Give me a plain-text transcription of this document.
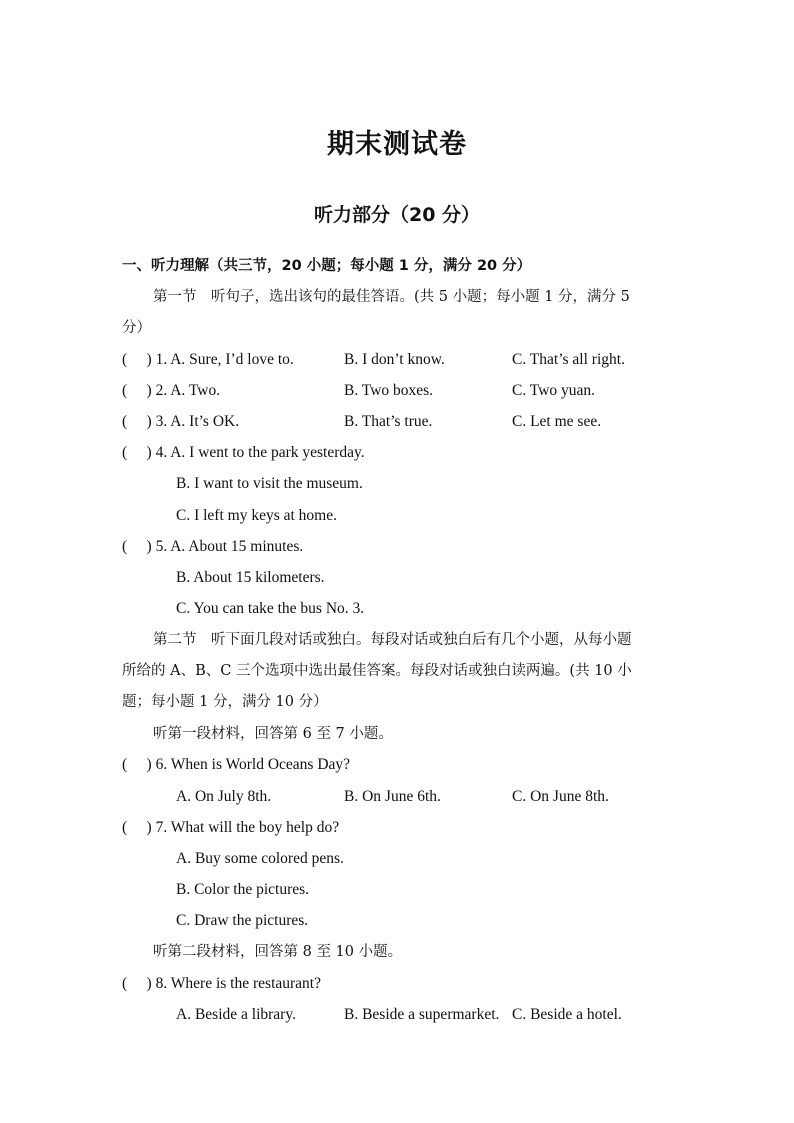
期末测试卷
听力部分（20 分）
一、听力理解（共三节，20 小题；每小题 1 分，满分 20 分）
第一节　听句子，选出该句的最佳答语。(共 5 小题；每小题 1 分，满分 5
分）
(　 ) 1. A. Sure, I’d love to.	B. I don’t know.	C. That’s all right.
(　 ) 2. A. Two.	B. Two boxes.	C. Two yuan.
(　 ) 3. A. It’s OK.	B. That’s true.	C. Let me see.
(　 ) 4. A. I went to the park yesterday.
B. I want to visit the museum.
C. I left my keys at home.
(　 ) 5. A. About 15 minutes.
B. About 15 kilometers.
C. You can take the bus No. 3.
第二节　听下面几段对话或独白。每段对话或独白后有几个小题，从每小题
所给的 A、B、C 三个选项中选出最佳答案。每段对话或独白读两遍。(共 10 小
题；每小题 1 分，满分 10 分）
听第一段材料，回答第 6 至 7 小题。
(　 ) 6. When is World Oceans Day?
A. On July 8th.	B. On June 6th.	C. On June 8th.
(　 ) 7. What will the boy help do?
A. Buy some colored pens.
B. Color the pictures.
C. Draw the pictures.
听第二段材料，回答第 8 至 10 小题。
(　 ) 8. Where is the restaurant?
A. Beside a library.	B. Beside a supermarket. C. Beside a hotel.
